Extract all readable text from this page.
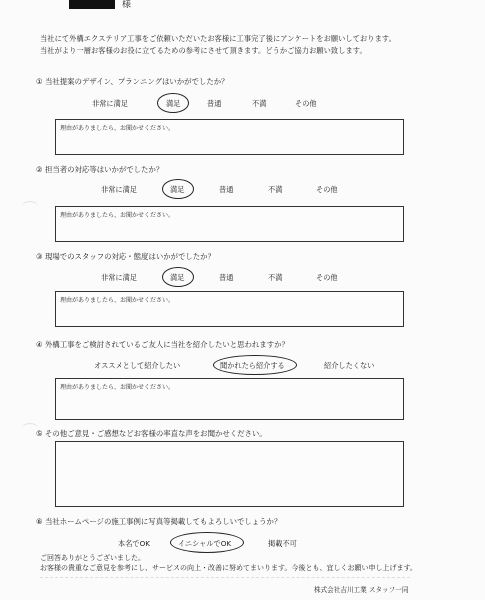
様
当社にて外構エクステリア工事をご依頼いただいたお客様に工事完了後にアンケートをお願いしております。
当社がより一層お客様のお役に立てるための参考にさせて頂きます。どうかご協力お願い致します。
① 当社提案のデザイン、プランニングはいかがでしたか？
非常に満足	満足	普通	不満	その他
理由がありましたら、お聞かせください。
② 担当者の対応等はいかがでしたか？
非常に満足	満足	普通	不満	その他
理由がありましたら、お聞かせください。
③ 現場でのスタッフの対応・態度はいかがでしたか？
非常に満足	満足	普通	不満	その他
理由がありましたら、お聞かせください。
④ 外構工事をご検討されているご友人に当社を紹介したいと思われますか？
オススメとして紹介したい	聞かれたら紹介する	紹介したくない
理由がありましたら、お聞かせください。
⑤ その他ご意見・ご感想などお客様の率直な声をお聞かせください。
⑥ 当社ホームページの施工事例に写真等掲載してもよろしいでしょうか？
本名でOK	イニシャルでOK	掲載不可
ご回答ありがとうございました。
お客様の貴重なご意見を参考にし、サービスの向上・改善に努めてまいります。今後とも、宜しくお願い申し上げます。
株式会社吉川工業 スタッフ一同
